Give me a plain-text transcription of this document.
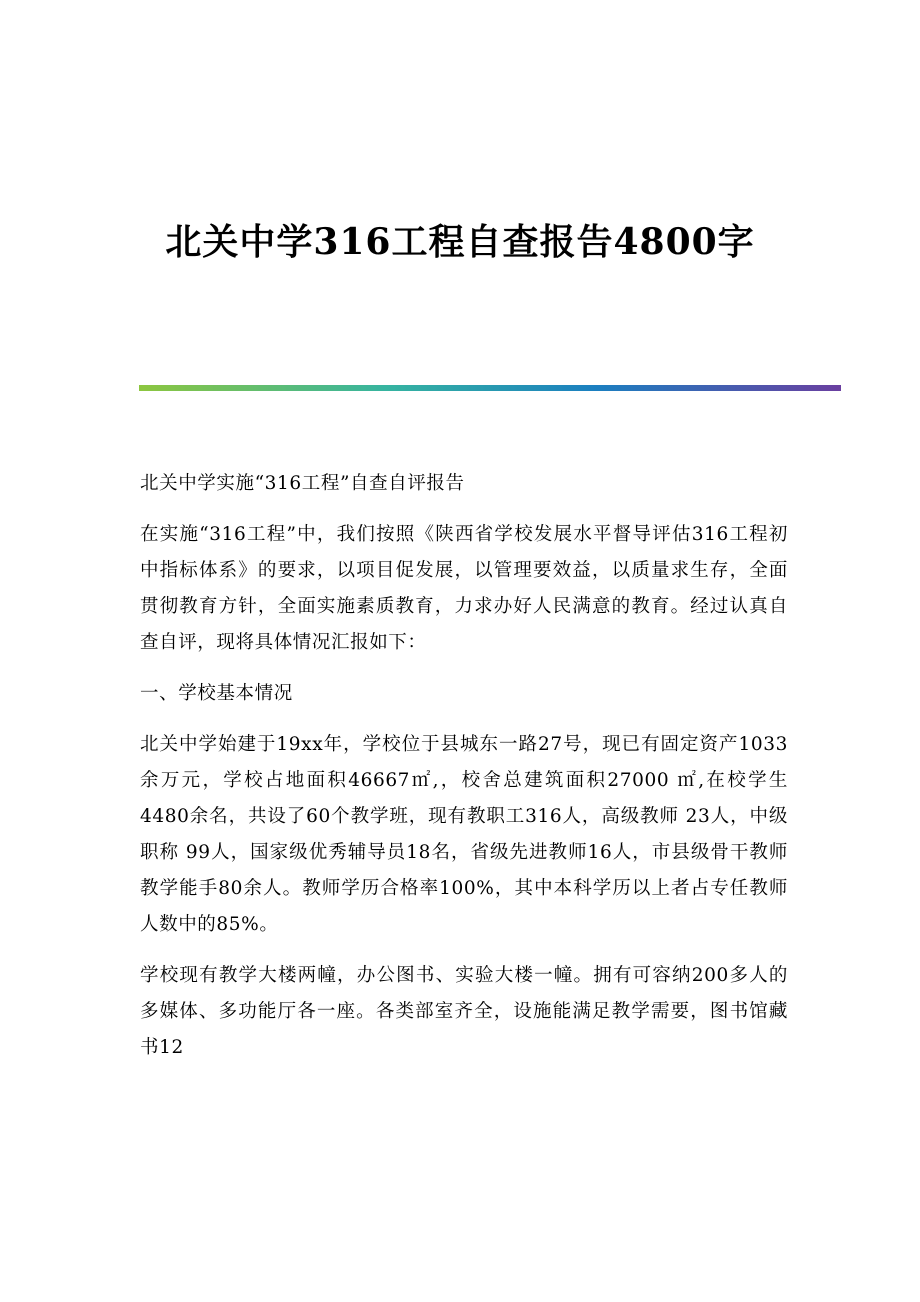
北关中学316工程自查报告4800字

北关中学实施“316工程”自查自评报告

在实施“316工程”中，我们按照《陕西省学校发展水平督导评估316工程初中指标体系》的要求，以项目促发展，以管理要效益，以质量求生存，全面贯彻教育方针，全面实施素质教育，力求办好人民满意的教育。经过认真自查自评，现将具体情况汇报如下：

一、学校基本情况

北关中学始建于19xx年，学校位于县城东一路27号，现已有固定资产1033余万元，学校占地面积46667㎡,，校舍总建筑面积27000 ㎡,在校学生4480余名，共设了60个教学班，现有教职工316人，高级教师 23人，中级职称 99人，国家级优秀辅导员18名，省级先进教师16人，市县级骨干教师教学能手80余人。教师学历合格率100%，其中本科学历以上者占专任教师人数中的85%。

学校现有教学大楼两幢，办公图书、实验大楼一幢。拥有可容纳200多人的多媒体、多功能厅各一座。各类部室齐全，设施能满足教学需要，图书馆藏书12
